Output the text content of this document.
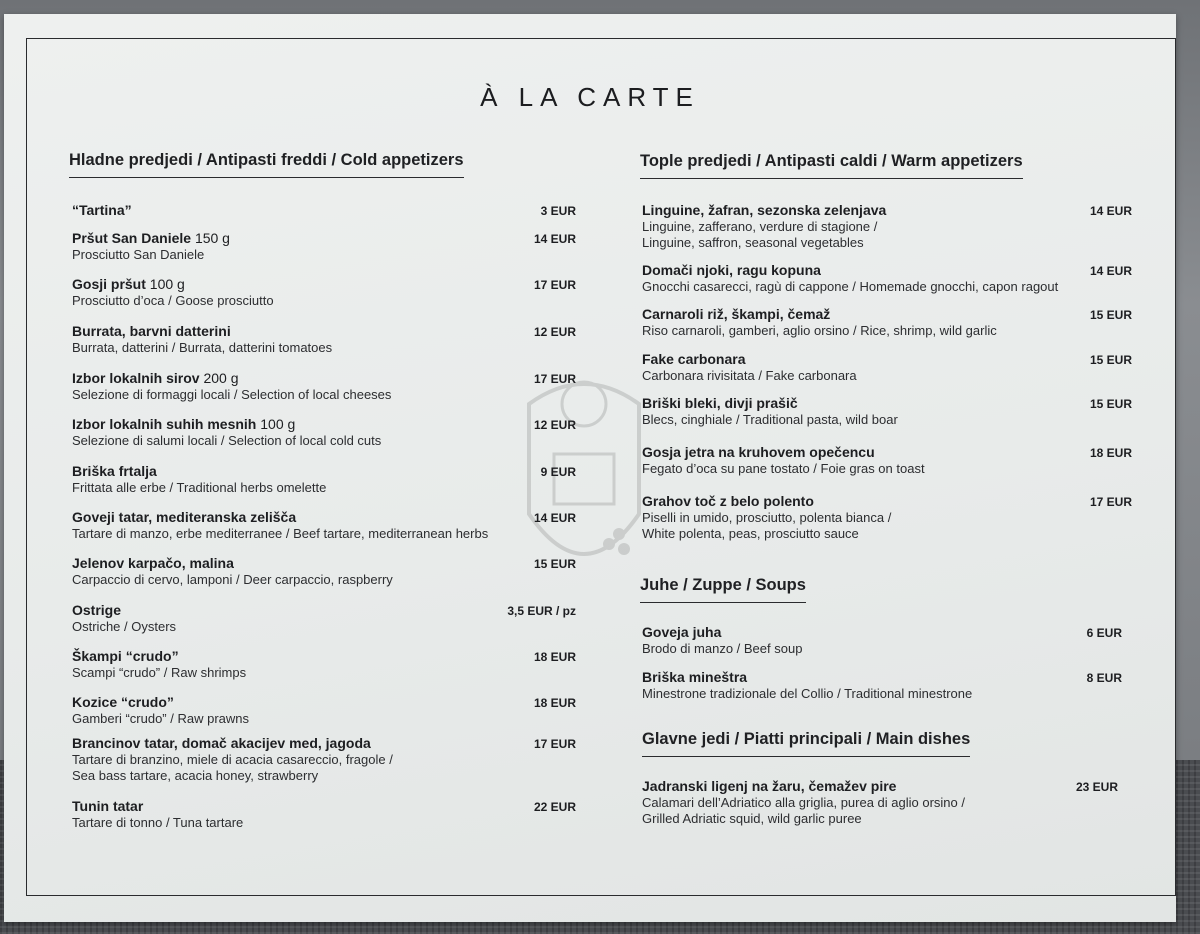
À LA CARTE
Hladne predjedi / Antipasti freddi / Cold appetizers
“Tartina”	3 EUR
Pršut San Daniele 150 g
Prosciutto San Daniele
14 EUR
Gosji pršut 100 g
Prosciutto d’oca / Goose prosciutto
17 EUR
Burrata, barvni datterini
Burrata, datterini / Burrata, datterini tomatoes
12 EUR
Izbor lokalnih sirov 200 g
Selezione di formaggi locali / Selection of local cheeses
17 EUR
Izbor lokalnih suhih mesnih 100 g
Selezione di salumi locali / Selection of local cold cuts
12 EUR
Briška frtalja
Frittata alle erbe / Traditional herbs omelette
9 EUR
Goveji tatar, mediteranska zelišča
Tartare di manzo, erbe mediterranee / Beef tartare, mediterranean herbs
14 EUR
Jelenov karpačo, malina
Carpaccio di cervo, lamponi / Deer carpaccio, raspberry
15 EUR
Ostrige
Ostriche / Oysters
3,5 EUR / pz
Škampi “crudo”
Scampi “crudo” / Raw shrimps
18 EUR
Kozice “crudo”
Gamberi “crudo” / Raw prawns
18 EUR
Brancinov tatar, domač akacijev med, jagoda
Tartare di branzino, miele di acacia casareccio, fragole /
Sea bass tartare, acacia honey, strawberry
17 EUR
Tunin tatar
Tartare di tonno / Tuna tartare
22 EUR
Tople predjedi / Antipasti caldi / Warm appetizers
Linguine, žafran, sezonska zelenjava
Linguine, zafferano, verdure di stagione /
Linguine, saffron, seasonal vegetables
14 EUR
Domači njoki, ragu kopuna
Gnocchi casarecci, ragù di cappone / Homemade gnocchi, capon ragout
14 EUR
Carnaroli riž, škampi, čemaž
Riso carnaroli, gamberi, aglio orsino / Rice, shrimp, wild garlic
15 EUR
Fake carbonara
Carbonara rivisitata / Fake carbonara
15 EUR
Briški bleki, divji prašič
Blecs, cinghiale / Traditional pasta, wild boar
15 EUR
Gosja jetra na kruhovem opečencu
Fegato d’oca su pane tostato / Foie gras on toast
18 EUR
Grahov toč z belo polento
Piselli in umido, prosciutto, polenta bianca /
White polenta, peas, prosciutto sauce
17 EUR
Juhe / Zuppe / Soups
Goveja juha
Brodo di manzo / Beef soup
6 EUR
Briška mineštra
Minestrone tradizionale del Collio / Traditional minestrone
8 EUR
Glavne jedi / Piatti principali / Main dishes
Jadranski ligenj na žaru, čemažev pire
Calamari dell’Adriatico alla griglia, purea di aglio orsino /
Grilled Adriatic squid, wild garlic puree
23 EUR
